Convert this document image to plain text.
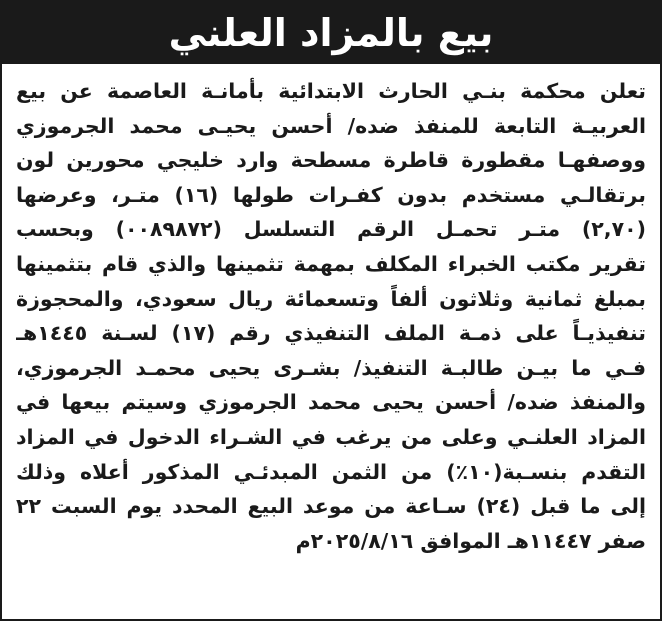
بيع بالمزاد العلني
تعلن محكمة بنـي الحارث الابتدائية بأمانـة العاصمة عن بيع
العربيـة التابعة للمنفذ ضده/ أحسن يحيـى محمد الجرموزي
ووصفهـا مقطورة قاطرة مسطحة وارد خليجي محورين لون
برتقالـي مستخدم بدون كفـرات طولها (١٦) متـر، وعرضها
(٢,٧٠) متـر تحمـل الرقم التسلسل (٠٠٨٩٨٧٢) وبحسب
تقرير مكتب الخبراء المكلف بمهمة تثمينها والذي قام بتثمينها
بمبلغ ثمانية وثلاثون ألفاً وتسعمائة ريال سعودي، والمحجوزة
تنفيذيـاً على ذمـة الملف التنفيذي رقم (١٧) لسـنة ١٤٤٥هـ
فـي ما بيـن طالبـة التنفيذ/ بشـرى يحيى محمـد الجرموزي،
والمنفذ ضده/ أحسن يحيى محمد الجرموزي وسيتم بيعها في
المزاد العلنـي وعلى من يرغب في الشـراء الدخول في المزاد
التقدم بنسـبة(١٠٪) من الثمن المبدئـي المذكور أعلاه وذلك
إلى ما قبل (٢٤) سـاعة من موعد البيع المحدد يوم السبت ٢٢
صفر ١١٤٤٧هـ الموافق ٢٠٢٥/٨/١٦م
